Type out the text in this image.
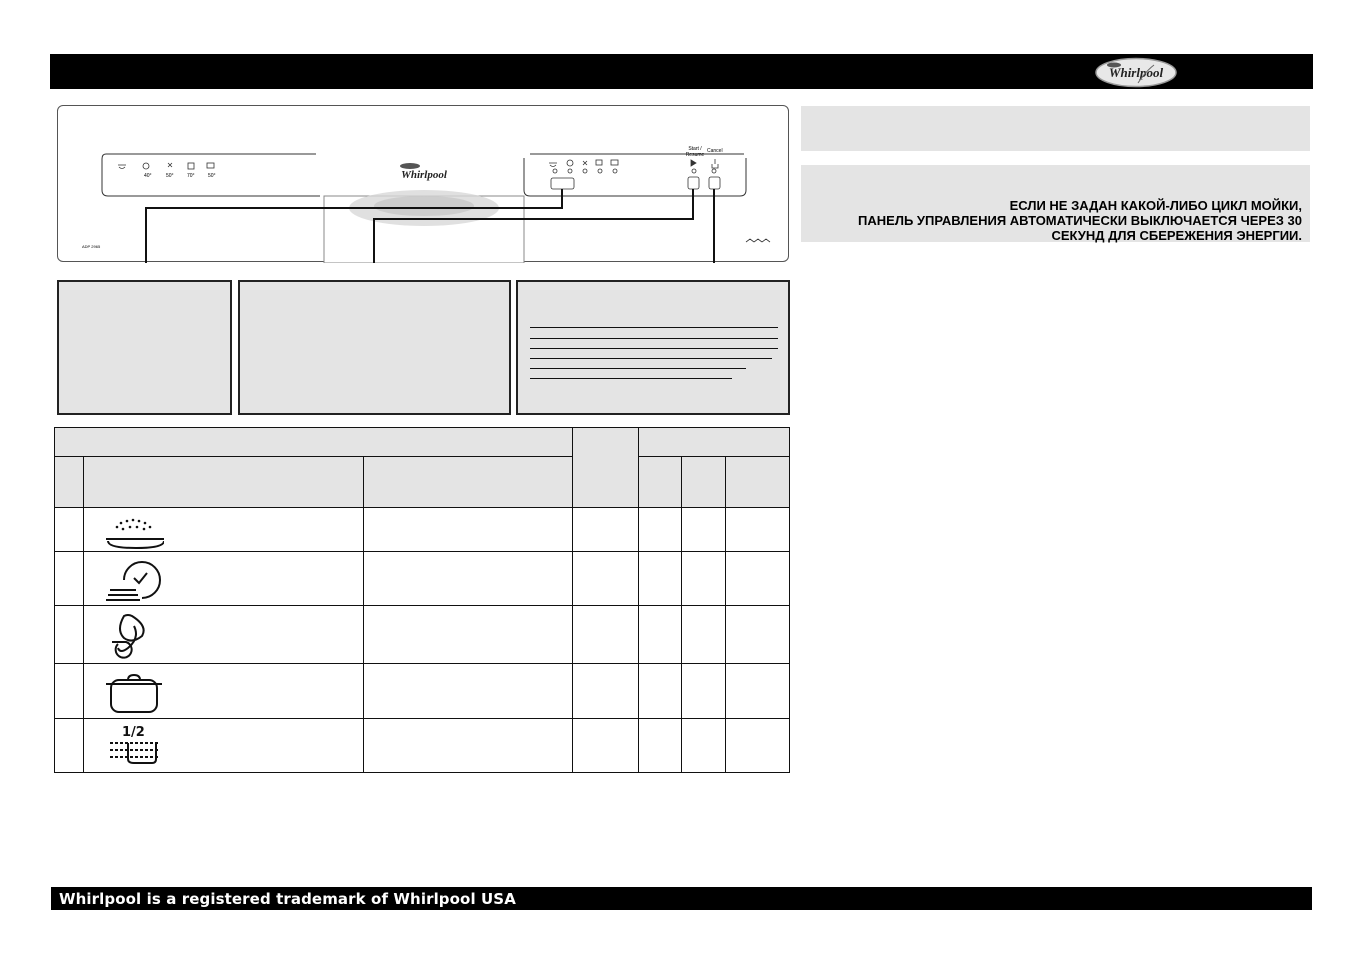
Whirlpool
Whirlpool
ADP 2965
40°	50°	70°	50°
Start / Resume
Cancel
ЕСЛИ НЕ ЗАДАН КАКОЙ-ЛИБО ЦИКЛ МОЙКИ,
ПАНЕЛЬ УПРАВЛЕНИЯ АВТОМАТИЧЕСКИ ВЫКЛЮЧАЕТСЯ ЧЕРЕЗ 30
СЕКУНД ДЛЯ СБЕРЕЖЕНИЯ ЭНЕРГИИ.

1/2					

Whirlpool is a registered trademark of Whirlpool USA
